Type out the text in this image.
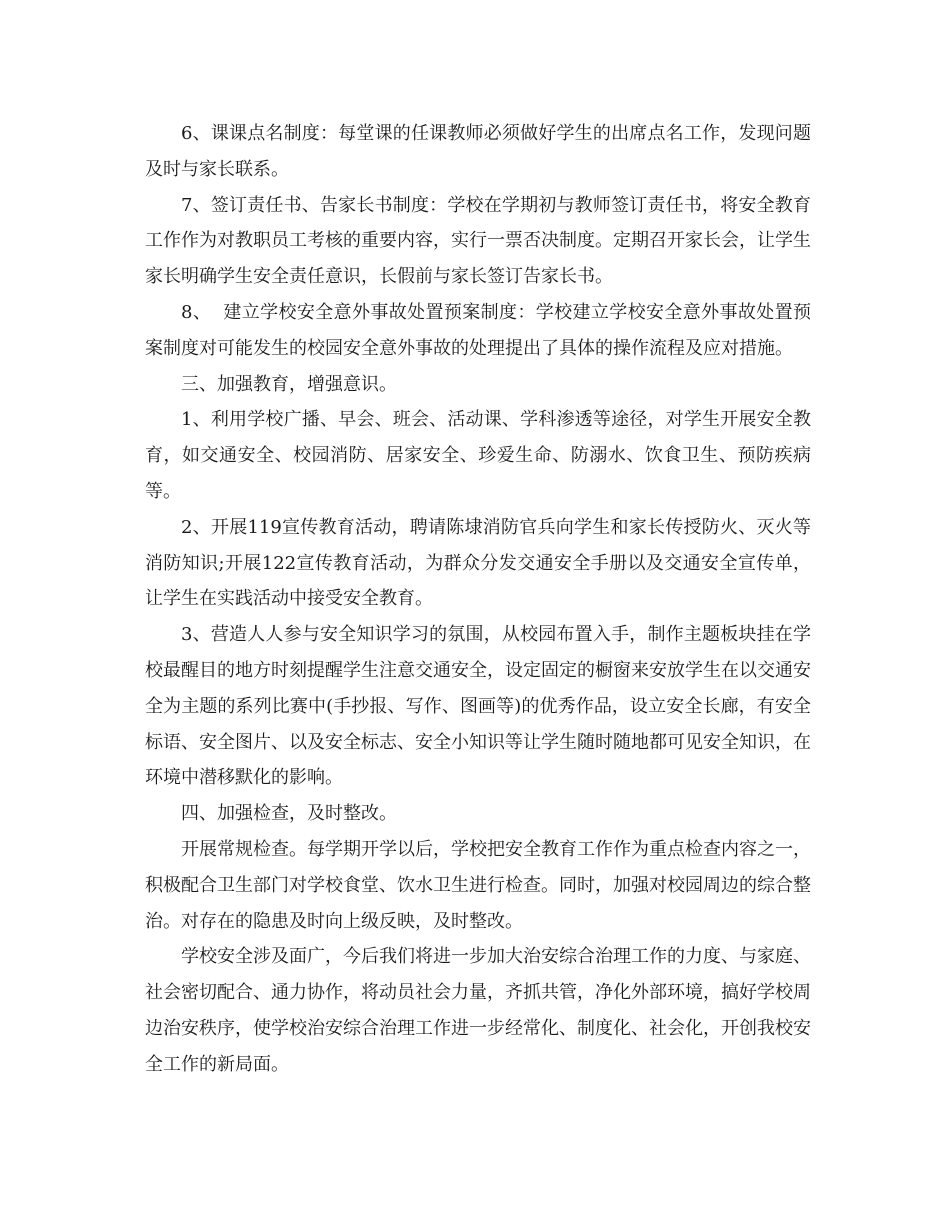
6、课课点名制度：每堂课的任课教师必须做好学生的出席点名工作，发现问题及时与家长联系。

7、签订责任书、告家长书制度：学校在学期初与教师签订责任书，将安全教育工作作为对教职员工考核的重要内容，实行一票否决制度。定期召开家长会，让学生家长明确学生安全责任意识，长假前与家长签订告家长书。

8、  建立学校安全意外事故处置预案制度：学校建立学校安全意外事故处置预案制度对可能发生的校园安全意外事故的处理提出了具体的操作流程及应对措施。

三、加强教育，增强意识。

1、利用学校广播、早会、班会、活动课、学科渗透等途径，对学生开展安全教育，如交通安全、校园消防、居家安全、珍爱生命、防溺水、饮食卫生、预防疾病等。

2、开展119宣传教育活动，聘请陈埭消防官兵向学生和家长传授防火、灭火等消防知识;开展122宣传教育活动，为群众分发交通安全手册以及交通安全宣传单，让学生在实践活动中接受安全教育。

3、营造人人参与安全知识学习的氛围，从校园布置入手，制作主题板块挂在学校最醒目的地方时刻提醒学生注意交通安全，设定固定的橱窗来安放学生在以交通安全为主题的系列比赛中(手抄报、写作、图画等)的优秀作品，设立安全长廊，有安全标语、安全图片、以及安全标志、安全小知识等让学生随时随地都可见安全知识，在环境中潜移默化的影响。

四、加强检查，及时整改。

开展常规检查。每学期开学以后，学校把安全教育工作作为重点检查内容之一，积极配合卫生部门对学校食堂、饮水卫生进行检查。同时，加强对校园周边的综合整治。对存在的隐患及时向上级反映，及时整改。

学校安全涉及面广，今后我们将进一步加大治安综合治理工作的力度、与家庭、社会密切配合、通力协作，将动员社会力量，齐抓共管，净化外部环境，搞好学校周边治安秩序，使学校治安综合治理工作进一步经常化、制度化、社会化，开创我校安全工作的新局面。
